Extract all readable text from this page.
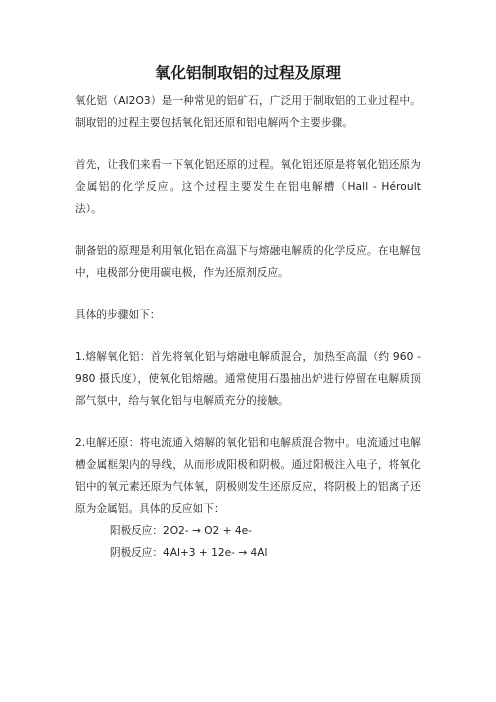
氧化铝制取铝的过程及原理

氧化铝（Al2O3）是一种常见的铝矿石，广泛用于制取铝的工业过程中。制取铝的过程主要包括氧化铝还原和铝电解两个主要步骤。

首先，让我们来看一下氧化铝还原的过程。氧化铝还原是将氧化铝还原为金属铝的化学反应。这个过程主要发生在铝电解槽（Hall - Héroult 法）。

制备铝的原理是利用氧化铝在高温下与熔融电解质的化学反应。在电解包中，电极部分使用碳电极，作为还原剂反应。

具体的步骤如下：

1.熔解氧化铝：首先将氧化铝与熔融电解质混合，加热至高温（约 960 - 980 摄氏度），使氧化铝熔融。通常使用石墨抽出炉进行停留在电解质顶部气氛中，给与氧化铝与电解质充分的接触。

2.电解还原：将电流通入熔解的氧化铝和电解质混合物中。电流通过电解槽金属框架内的导线，从而形成阳极和阴极。通过阳极注入电子，将氧化铝中的氧元素还原为气体氧，阴极则发生还原反应，将阴极上的铝离子还原为金属铝。具体的反应如下：

阳极反应：2O2- → O2 + 4e-

阴极反应：4Al+3 + 12e- → 4Al
